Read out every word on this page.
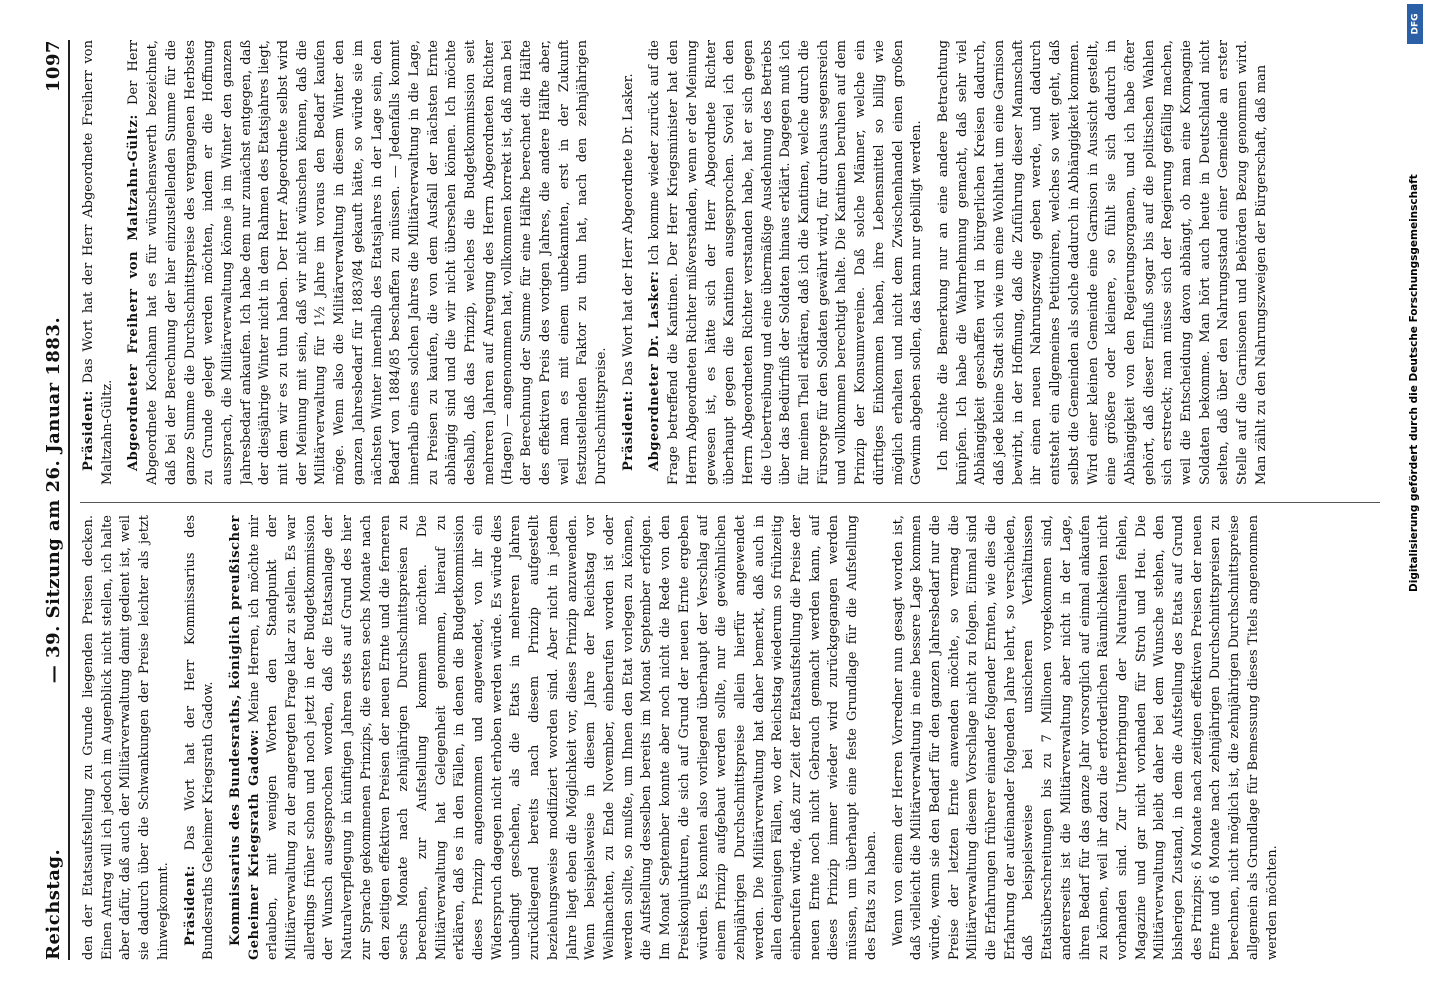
Reichstag.
— 39. Sitzung am 26. Januar 1883.
1097

den der Etatsaufstellung zu Grunde liegenden Preisen decken. Einen Antrag will ich jedoch im Augenblick nicht stellen, ich halte aber dafür, daß auch der Militärverwaltung damit gedient ist, weil sie dadurch über die Schwankungen der Preise leichter als jetzt hinwegkommt. Präsident: Das Wort hat der Herr Kommissarius des Bundesraths Geheimer Kriegsrath Gadow. Kommissarius des Bundesraths, königlich preußischer Geheimer Kriegsrath Gadow: Meine Herren, ich möchte mir erlauben, mit wenigen Worten den Standpunkt der Militärverwaltung zu der angeregten Frage klar zu stellen. Es war allerdings früher schon und noch jetzt in der Budgetkommission der Wunsch ausgesprochen worden, daß die Etatsanlage der Naturalverpflegung in künftigen Jahren stets auf Grund des hier zur Sprache gekommenen Prinzips, die ersten sechs Monate nach den zeitigen effektiven Preisen der neuen Ernte und die ferneren sechs Monate nach zehnjährigen Durchschnittspreisen zu berechnen, zur Aufstellung kommen möchten. Die Militärverwaltung hat Gelegenheit genommen, hierauf zu erklären, daß es in den Fällen, in denen die Budgetkommission dieses Prinzip angenommen und angewendet, von ihr ein Widerspruch dagegen nicht erhoben werden würde. Es würde dies unbedingt geschehen, als die Etats in mehreren Jahren zurückliegend bereits nach diesem Prinzip aufgestellt beziehungsweise modifiziert worden sind. Aber nicht in jedem Jahre liegt eben die Möglichkeit vor, dieses Prinzip anzuwenden. Wenn beispielsweise in diesem Jahre der Reichstag vor Weihnachten, zu Ende November, einberufen worden ist oder werden sollte, so mußte, um Ihnen den Etat vorlegen zu können, die Aufstellung desselben bereits im Monat September erfolgen. Im Monat September konnte aber noch nicht die Rede von den Preiskonjunkturen, die sich auf Grund der neuen Ernte ergeben würden. Es konnten also vorliegend überhaupt der Verschlag auf einem Prinzip aufgebaut werden sollte, nur die gewöhnlichen zehnjährigen Durchschnittspreise allein hierfür angewendet werden. Die Militärverwaltung hat daher bemerkt, daß auch in allen denjenigen Fällen, wo der Reichstag wiederum so frühzeitig einberufen würde, daß zur Zeit der Etatsaufstellung die Preise der neuen Ernte noch nicht Gebrauch gemacht werden kann, auf dieses Prinzip immer wieder wird zurückgegangen werden müssen, um überhaupt eine feste Grundlage für die Aufstellung des Etats zu haben. Wenn von einem der Herren Vorredner nun gesagt worden ist, daß vielleicht die Militärverwaltung in eine bessere Lage kommen würde, wenn sie den Bedarf für den ganzen Jahresbedarf nur die Preise der letzten Ernte anwenden möchte, so vermag die Militärverwaltung diesem Vorschlage nicht zu folgen. Einmal sind die Erfahrungen früherer einander folgender Ernten, wie dies die Erfahrung der aufeinander folgenden Jahre lehrt, so verschieden, daß beispielsweise bei unsicheren Verhältnissen Etatsüberschreitungen bis zu 7 Millionen vorgekommen sind, andererseits ist die Militärverwaltung aber nicht in der Lage, ihren Bedarf für das ganze Jahr vorsorglich auf einmal ankaufen zu können, weil ihr dazu die erforderlichen Räumlichkeiten nicht vorhanden sind. Zur Unterbringung der Naturalien fehlen, Magazine und gar nicht vorhanden für Stroh und Heu. Die Militärverwaltung bleibt daher bei dem Wunsche stehen, den bisherigen Zustand, in dem die Aufstellung des Etats auf Grund des Prinzips: 6 Monate nach zeitigen effektiven Preisen der neuen Ernte und 6 Monate nach zehnjährigen Durchschnittspreisen zu berechnen, nicht möglich ist, die zehnjährigen Durchschnittspreise allgemein als Grundlage für Bemessung dieses Titels angenommen werden möchten.

Präsident: Das Wort hat der Herr Abgeordnete Freiherr von Maltzahn-Gültz. Abgeordneter Freiherr von Maltzahn-Gültz: Der Herr Abgeordnete Kochhann hat es für wünschenswerth bezeichnet, daß bei der Berechnung der hier einzustellenden Summe für die ganze Summe die Durchschnittspreise des vergangenen Herbstes zu Grunde gelegt werden möchten, indem er die Hoffnung aussprach, die Militärverwaltung könne ja im Winter den ganzen Jahresbedarf ankaufen. Ich habe dem nur zunächst entgegen, daß der diesjährige Winter nicht in dem Rahmen des Etatsjahres liegt, mit dem wir es zu thun haben. Der Herr Abgeordnete selbst wird der Meinung mit sein, daß wir nicht wünschen können, daß die Militärverwaltung für 1½ Jahre im voraus den Bedarf kaufen möge. Wenn also die Militärverwaltung in diesem Winter den ganzen Jahresbedarf für 1883/84 gekauft hätte, so würde sie im nächsten Winter innerhalb des Etatsjahres in der Lage sein, den Bedarf von 1884/85 beschaffen zu müssen. — Jedenfalls kommt innerhalb eines solchen Jahres die Militärverwaltung in die Lage, zu Preisen zu kaufen, die von dem Ausfall der nächsten Ernte abhängig sind und die wir nicht übersehen können. Ich möchte deshalb, daß das Prinzip, welches die Budgetkommission seit mehreren Jahren auf Anregung des Herrn Abgeordneten Richter (Hagen) — angenommen hat, vollkommen korrekt ist, daß man bei der Berechnung der Summe für eine Hälfte berechnet die Hälfte des effektiven Preis des vorigen Jahres, die andere Hälfte aber, weil man es mit einem unbekannten, erst in der Zukunft festzustellenden Faktor zu thun hat, nach den zehnjährigen Durchschnittspreise. Präsident: Das Wort hat der Herr Abgeordnete Dr. Lasker. Abgeordneter Dr. Lasker: Ich komme wieder zurück auf die Frage betreffend die Kantinen. Der Herr Kriegsminister hat den Herrn Abgeordneten Richter mißverstanden, wenn er der Meinung gewesen ist, es hätte sich der Herr Abgeordnete Richter überhaupt gegen die Kantinen ausgesprochen. Soviel ich den Herrn Abgeordneten Richter verstanden habe, hat er sich gegen die Uebertreibung und eine übermäßige Ausdehnung des Betriebs über das Bedürfniß der Soldaten hinaus erklärt. Dagegen muß ich für meinen Theil erklären, daß ich die Kantinen, welche durch die Fürsorge für den Soldaten gewährt wird, für durchaus segensreich und vollkommen berechtigt halte. Die Kantinen beruhen auf dem Prinzip der Konsumvereine. Daß solche Männer, welche ein dürftiges Einkommen haben, ihre Lebensmittel so billig wie möglich erhalten und nicht dem Zwischenhandel einen großen Gewinn abgeben sollen, das kann nur gebilligt werden. Ich möchte die Bemerkung nur an eine andere Betrachtung knüpfen. Ich habe die Wahrnehmung gemacht, daß sehr viel Abhängigkeit geschaffen wird in bürgerlichen Kreisen dadurch, daß jede kleine Stadt sich wie um eine Wohlthat um eine Garnison bewirbt, in der Hoffnung, daß die Zuführung dieser Mannschaft ihr einen neuen Nahrungszweig geben werde, und dadurch entsteht ein allgemeines Petitioniren, welches so weit geht, daß selbst die Gemeinden als solche dadurch in Abhängigkeit kommen. Wird einer kleinen Gemeinde eine Garnison in Aussicht gestellt, eine größere oder kleinere, so fühlt sie sich dadurch in Abhängigkeit von den Regierungsorganen, und ich habe öfter gehört, daß dieser Einfluß sogar bis auf die politischen Wahlen sich erstreckt; man müsse sich der Regierung gefällig machen, weil die Entscheidung davon abhängt, ob man eine Kompagnie Soldaten bekomme. Man hört auch heute in Deutschland nicht selten, daß über den Nahrungsstand einer Gemeinde an erster Stelle auf die Garnisonen und Behörden Bezug genommen wird. Man zählt zu den Nahrungszweigen der Bürgerschaft, daß man

DFG
Digitalisierung gefördert durch die Deutsche Forschungsgemeinschaft
